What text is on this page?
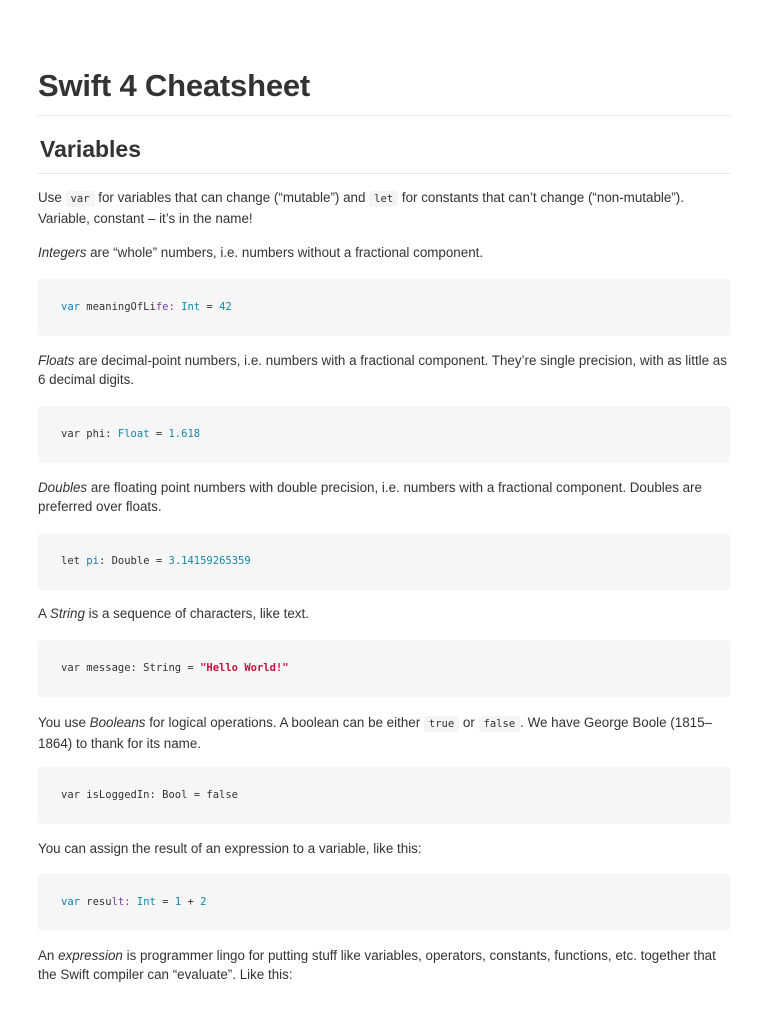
Swift 4 Cheatsheet
Variables

Use var for variables that can change (“mutable”) and let for constants that can’t change (“non-mutable”). Variable, constant – it’s in the name!

Integers are “whole” numbers, i.e. numbers without a fractional component.

var meaningOfLife: Int = 42

Floats are decimal-point numbers, i.e. numbers with a fractional component. They’re single precision, with as little as 6 decimal digits.

var phi: Float = 1.618

Doubles are floating point numbers with double precision, i.e. numbers with a fractional component. Doubles are preferred over floats.

let pi: Double = 3.14159265359

A String is a sequence of characters, like text.

var message: String = "Hello World!"

You use Booleans for logical operations. A boolean can be either true or false . We have George Boole (1815–1864) to thank for its name.

var isLoggedIn: Bool = false

You can assign the result of an expression to a variable, like this:

var result: Int = 1 + 2

An expression is programmer lingo for putting stuff like variables, operators, constants, functions, etc. together that the Swift compiler can “evaluate”. Like this:
